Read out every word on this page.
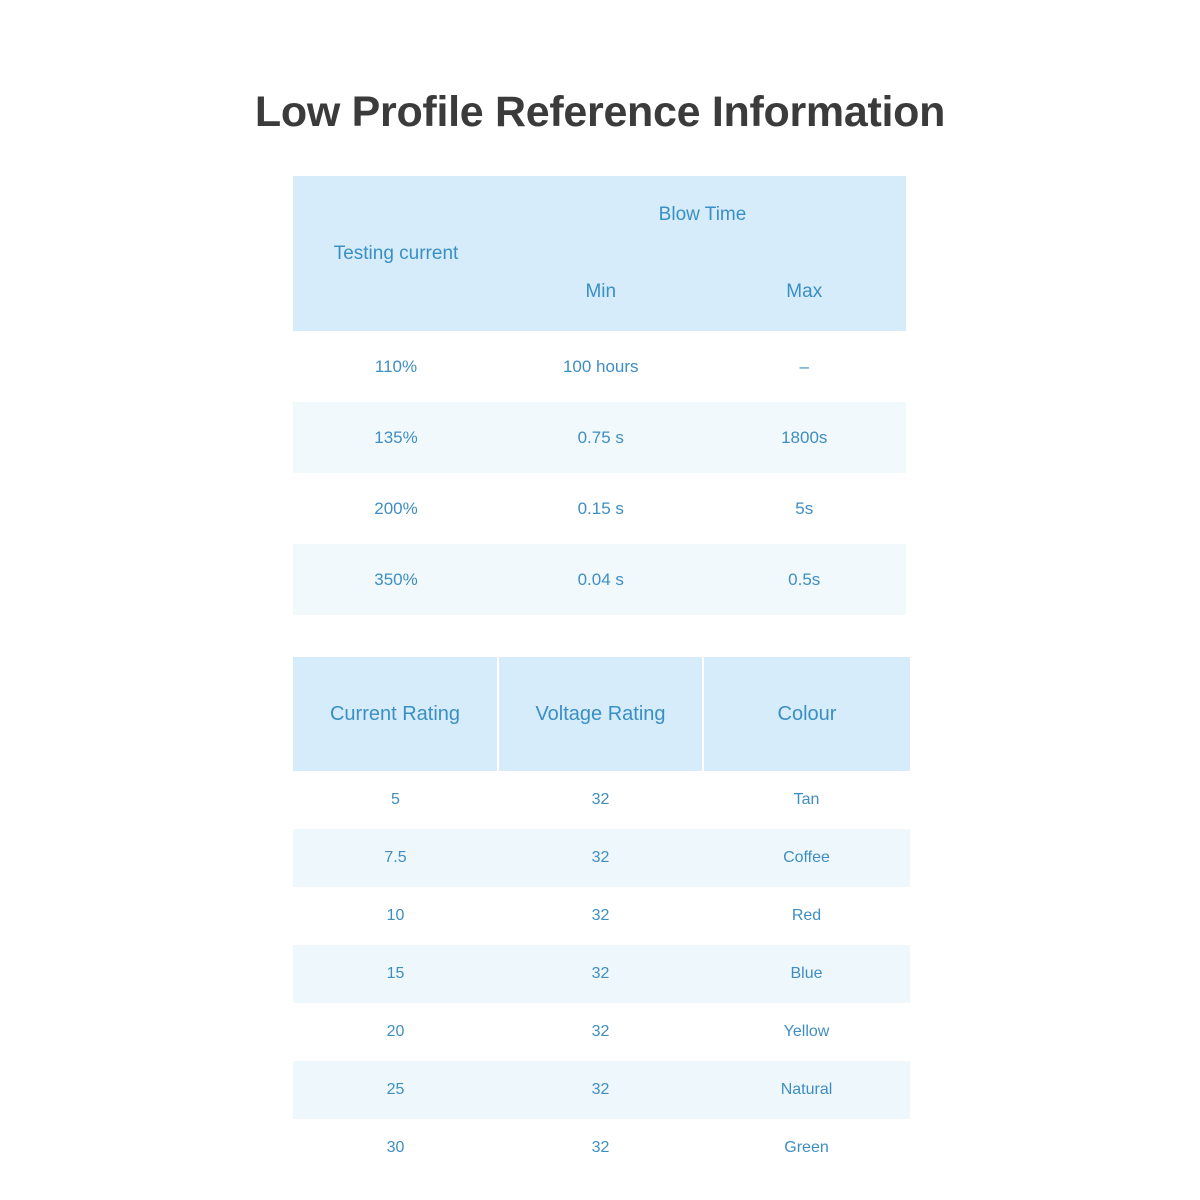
Low Profile Reference Information
Testing current	Blow Time	
	Min	Max
110%	100 hours	–
135%	0.75 s	1800s
200%	0.15 s	5s
350%	0.04 s	0.5s
Current Rating	Voltage Rating	Colour
5	32	Tan
7.5	32	Coffee
10	32	Red
15	32	Blue
20	32	Yellow
25	32	Natural
30	32	Green
